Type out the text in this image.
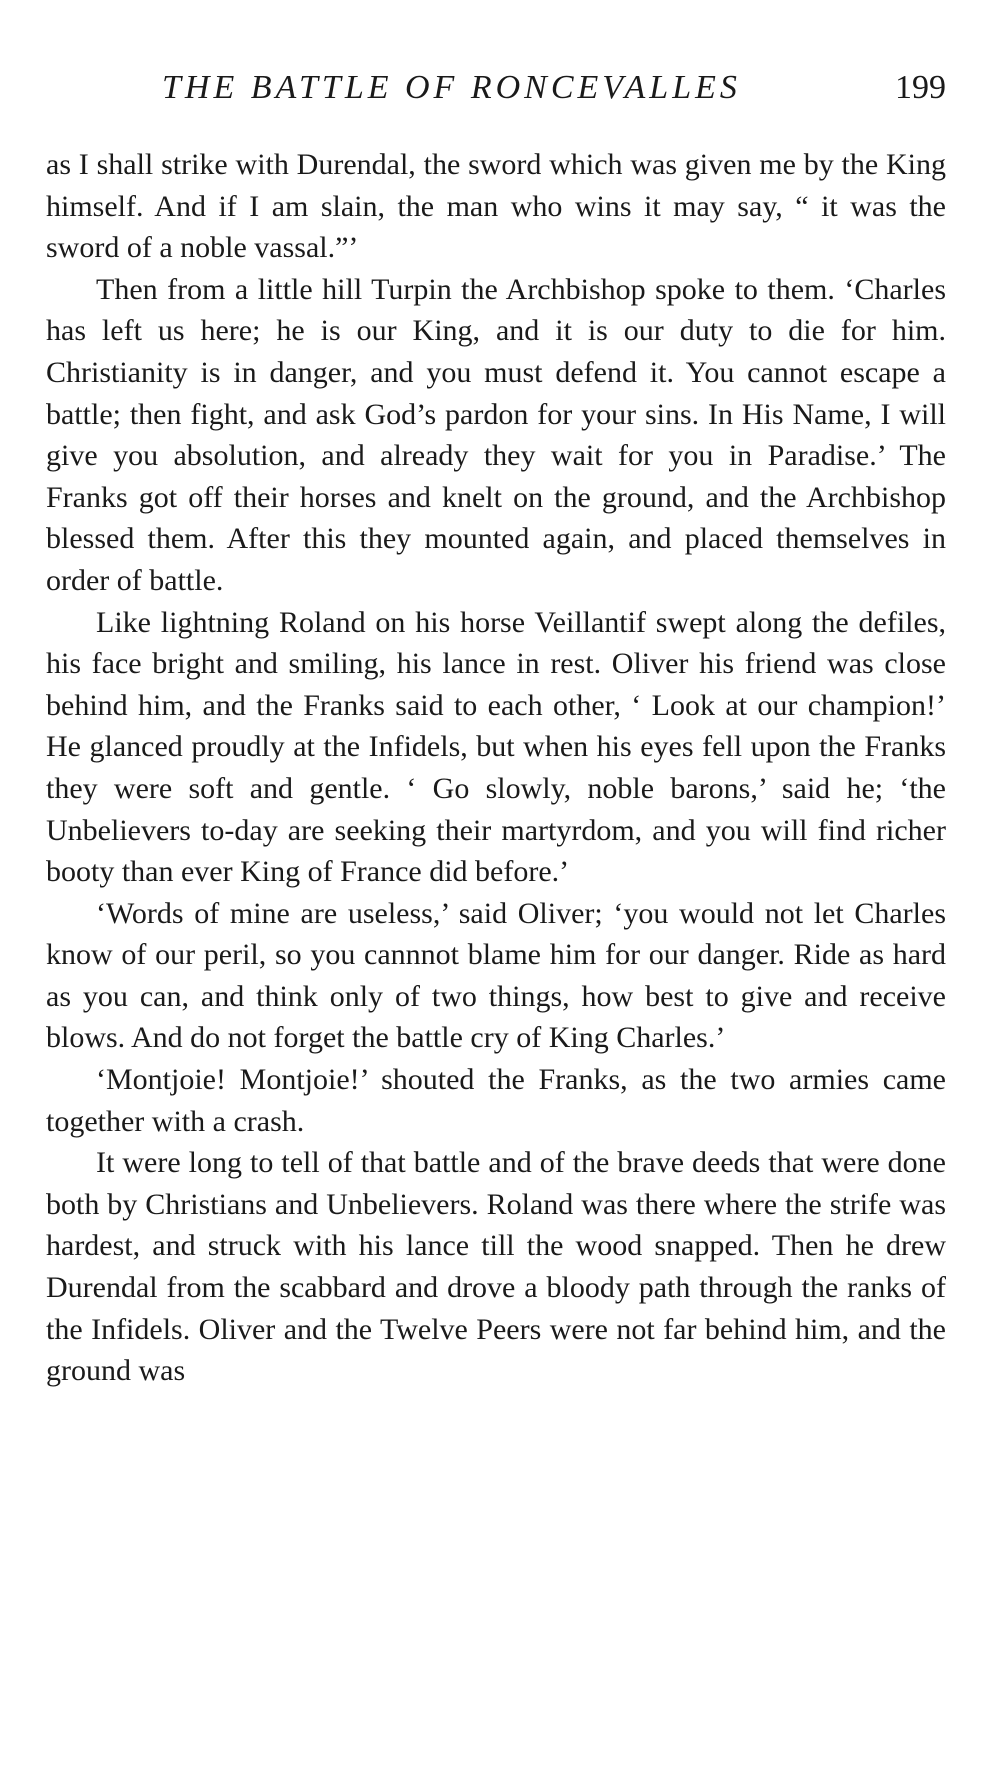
THE BATTLE OF RONCEVALLES	199

as I shall strike with Durendal, the sword which was given me by the King himself. And if I am slain, the man who wins it may say, “ it was the sword of a noble vassal.”’

Then from a little hill Turpin the Archbishop spoke to them. ‘Charles has left us here; he is our King, and it is our duty to die for him. Christianity is in danger, and you must defend it. You cannot escape a battle; then fight, and ask God’s pardon for your sins. In His Name, I will give you absolution, and already they wait for you in Paradise.’ The Franks got off their horses and knelt on the ground, and the Archbishop blessed them. After this they mounted again, and placed themselves in order of battle.

Like lightning Roland on his horse Veillantif swept along the defiles, his face bright and smiling, his lance in rest. Oliver his friend was close behind him, and the Franks said to each other, ‘ Look at our champion!’ He glanced proudly at the Infidels, but when his eyes fell upon the Franks they were soft and gentle. ‘ Go slowly, noble barons,’ said he; ‘the Unbelievers to-day are seeking their martyrdom, and you will find richer booty than ever King of France did before.’

‘Words of mine are useless,’ said Oliver; ‘you would not let Charles know of our peril, so you cannnot blame him for our danger. Ride as hard as you can, and think only of two things, how best to give and receive blows. And do not forget the battle cry of King Charles.’

‘Montjoie! Montjoie!’ shouted the Franks, as the two armies came together with a crash.

It were long to tell of that battle and of the brave deeds that were done both by Christians and Unbelievers. Roland was there where the strife was hardest, and struck with his lance till the wood snapped. Then he drew Durendal from the scabbard and drove a bloody path through the ranks of the Infidels. Oliver and the Twelve Peers were not far behind him, and the ground was
